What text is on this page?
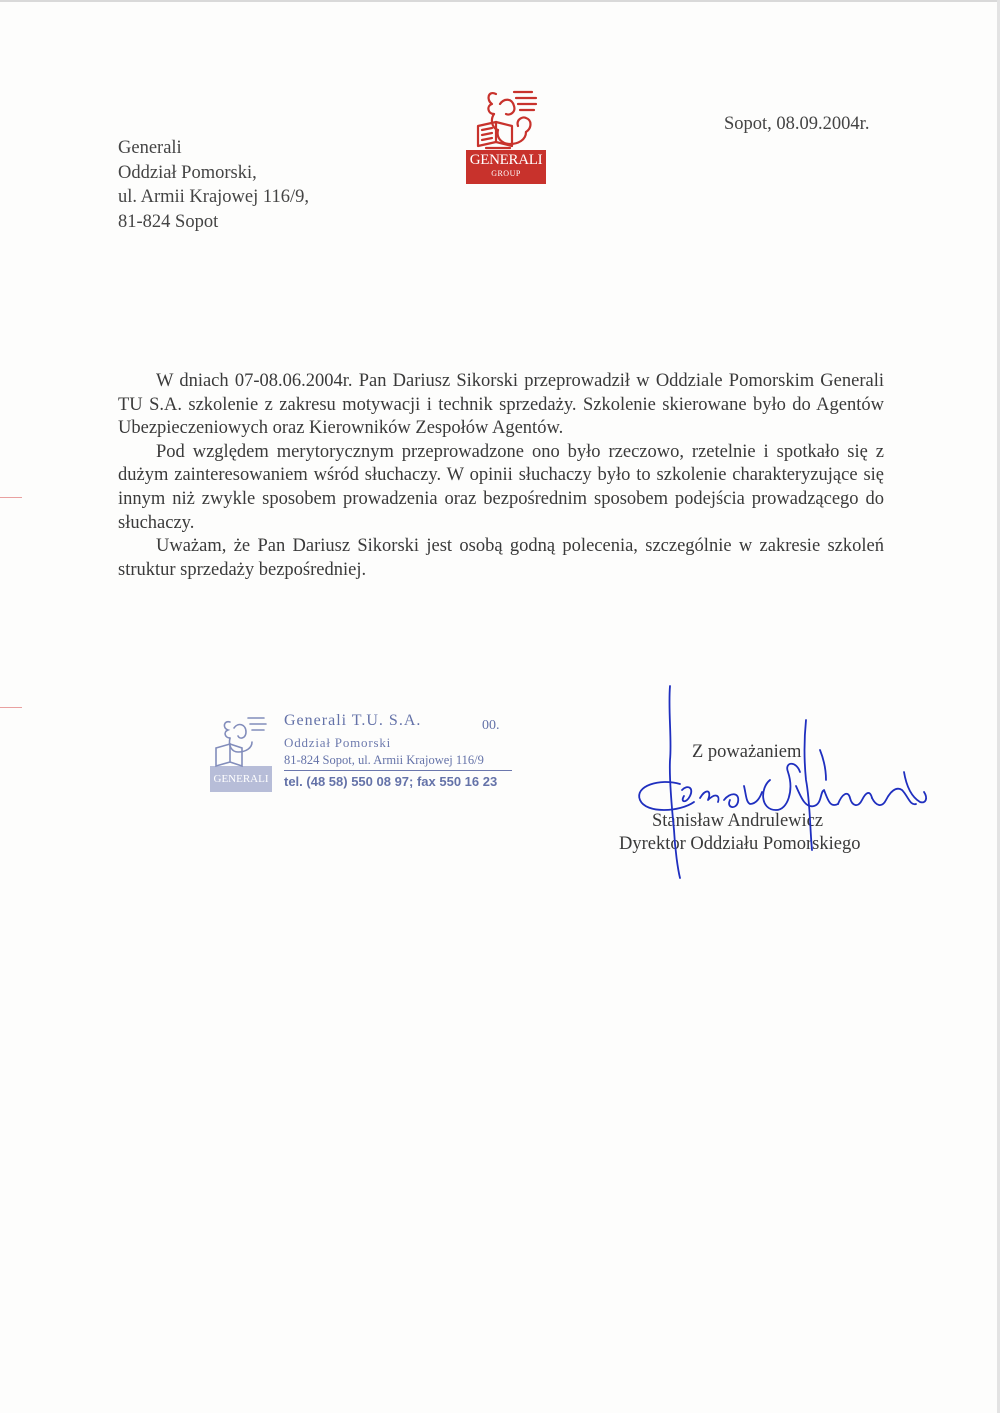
Generali
Oddział Pomorski,
ul. Armii Krajowej 116/9,
81-824 Sopot
GENERALI
GROUP
Sopot, 08.09.2004r.

W dniach 07-08.06.2004r. Pan Dariusz Sikorski przeprowadził w Oddziale Pomorskim Generali TU S.A. szkolenie z zakresu motywacji i technik sprzedaży. Szkolenie skierowane było do Agentów Ubezpieczeniowych oraz Kierowników Zespołów Agentów.

Pod względem merytorycznym przeprowadzone ono było rzeczowo, rzetelnie i spotkało się z dużym zainteresowaniem wśród słuchaczy. W opinii słuchaczy było to szkolenie charakteryzujące się innym niż zwykle sposobem prowadzenia oraz bezpośrednim sposobem podejścia prowadzącego do słuchaczy.

Uważam, że Pan Dariusz Sikorski jest osobą godną polecenia, szczególnie w zakresie szkoleń struktur sprzedaży bezpośredniej.

GENERALI
Generali T.U. S.A.	00.
Oddział Pomorski
81-824 Sopot, ul. Armii Krajowej 116/9
tel. (48 58) 550 08 97; fax 550 16 23
Z poważaniem
Stanisław Andrulewicz
Dyrektor Oddziału Pomorskiego
